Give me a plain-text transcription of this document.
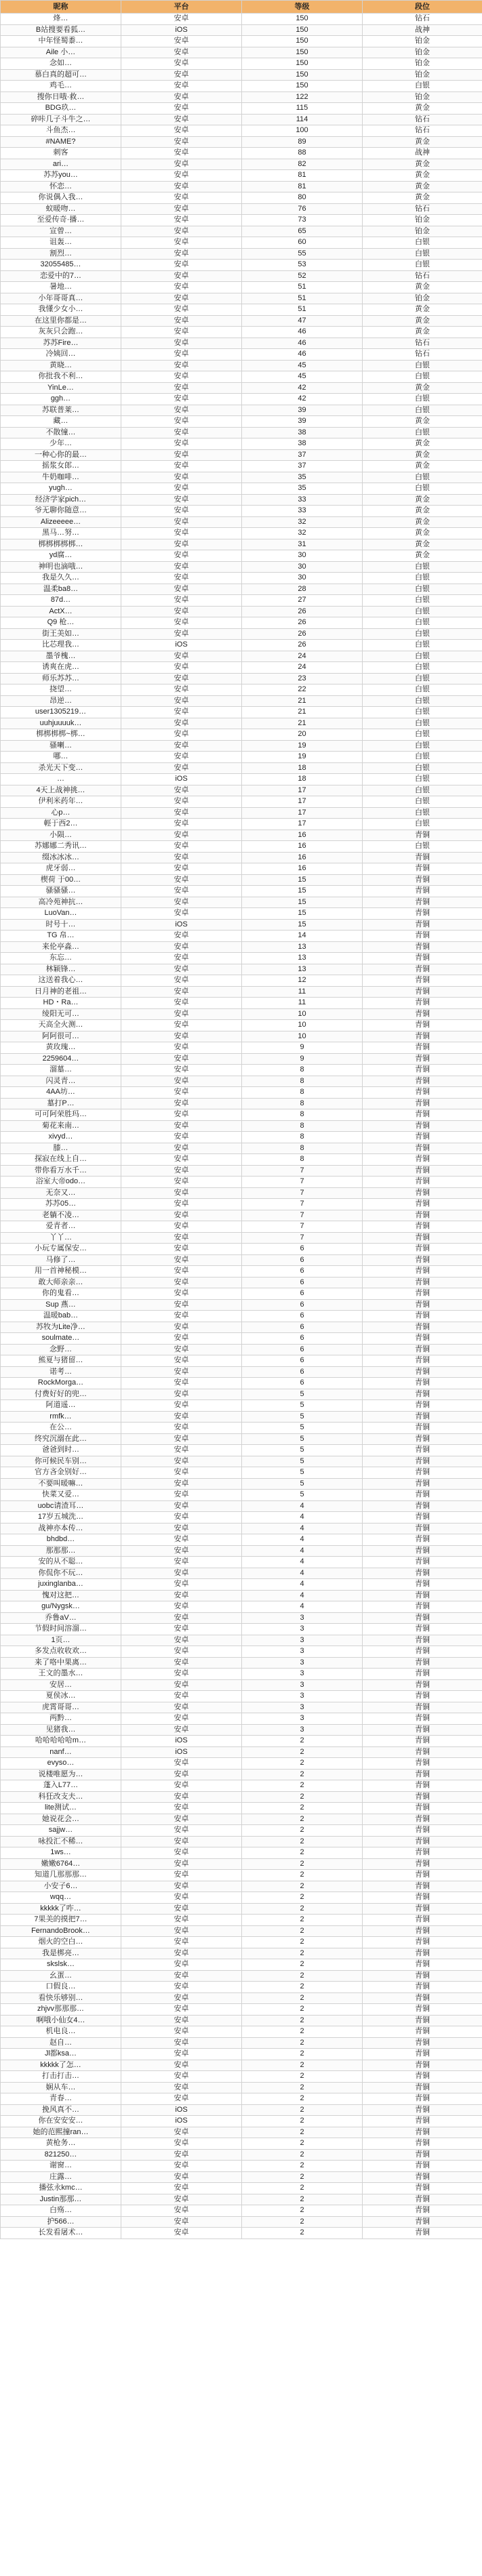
昵称	平台	等级	段位	
烽…	安卓	150	钻石	
B站搜要看狐…	iOS	150	战神	
中年怪蜀黍…	安卓	150	铂金	
Aile 小…	安卓	150	铂金	
念如…	安卓	150	铂金	
慕白真的超可…	安卓	150	铂金	
鸡毛…	安卓	150	白银	
搜你日哦·救…	安卓	122	铂金	
BDG玖…	安卓	115	黄金	
碎咔几子斗牛之…	安卓	114	钻石	
斗鱼杰…	安卓	100	钻石	
#NAME?	安卓	89	黄金	
刺客	安卓	88	战神	
ari…	安卓	82	黄金	
苏苏you…	安卓	81	黄金	
怀恋…	安卓	81	黄金	
你说偶入我…	安卓	80	黄金	
蚁暖吻…	安卓	76	钻石	
至爱传奇·播…	安卓	73	铂金	
宣曾…	安卓	65	铂金	
诅轰…	安卓	60	白银	
割烈…	安卓	55	白银	
32055485…	安卓	53	白银	
恋爱中的7…	安卓	52	钻石	
暑地…	安卓	51	黄金	
小年哥哥真…	安卓	51	铂金	
我懂少女小…	安卓	51	黄金	
在这里你都是…	安卓	47	黄金	
灰灰只会跑…	安卓	46	黄金	
苏苏Fire…	安卓	46	钻石	
冷姨回…	安卓	46	钻石	
黄晓…	安卓	45	白银	
你批我不利…	安卓	45	白银	
YinLe…	安卓	42	黄金	
ggh…	安卓	42	白银	
苏联普莱…	安卓	39	白银	
藏…	安卓	39	黄金	
不散憧…	安卓	38	白银	
少年…	安卓	38	黄金	
一种心你的最…	安卓	37	黄金	
摇浆女郎…	安卓	37	黄金	
牛奶咖啡…	安卓	35	白银	
yugh…	安卓	35	白银	
经济学家pich…	安卓	33	黄金	
爷无聊你随意…	安卓	33	黄金	
Alizeeeee…	安卓	32	黄金	
黑马…努…	安卓	32	黄金	
梆梆梆梆梆…	安卓	31	黄金	
yd腐…	安卓	30	黄金	
神明也滴哦…	安卓	30	白银	
我是久久…	安卓	30	白银	
温柔ba8…	安卓	28	白银	
87d…	安卓	27	白银	
ActX…	安卓	26	白银	
Q9 枪…	安卓	26	白银	
街王美如…	安卓	26	白银	
比芯理我…	iOS	26	白银	
墨爷槐…	安卓	24	白银	
诱爽在虎…	安卓	24	白银	
师乐苏苏…	安卓	23	白银	
挠望…	安卓	22	白银	
昂逆…	安卓	21	白银	
user1305219…	安卓	21	白银	
uuhjuuuuk…	安卓	21	白银	
梆梆梆梆~梆…	安卓	20	白银	
骚喇…	安卓	19	白银	
哪…	安卓	19	白银	
杀光天下变…	安卓	18	白银	
…	iOS	18	白银	
4天上战神挑…	安卓	17	白银	
伊利米药年…	安卓	17	白银	
心p…	安卓	17	白银	
輕于西2…	安卓	17	白银	
小陨…	安卓	16	青铜	
苏娜娜二秀讯…	安卓	16	白银	
缀冰冰冰…	安卓	16	青铜	
虎牙弱…	安卓	16	青铜	
楔荷 于00…	安卓	15	青铜	
骚骚骚…	安卓	15	青铜	
高冷苑神抗…	安卓	15	青铜	
LuoVan…	安卓	15	青铜	
时号十…	iOS	15	青铜	
TG 帛…	安卓	14	青铜	
来伦亭淼…	安卓	13	青铜	
东忘…	安卓	13	青铜	
林颖锋…	安卓	13	青铜	
这送着我心…	安卓	12	青铜	
日月神的老祖…	安卓	11	青铜	
HD・Ra…	安卓	11	青铜	
绫阳无可…	安卓	10	青铜	
天高全火测…	安卓	10	青铜	
阿阿很可…	安卓	10	青铜	
黄玫瑰…	安卓	9	青铜	
2259604…	安卓	9	青铜	
溜墓…	安卓	8	青铜	
闪灵青…	安卓	8	青铜	
4AA坊…	安卓	8	青铜	
墓打P…	安卓	8	青铜	
可可阿荣胜玛…	安卓	8	青铜	
菊花来南…	安卓	8	青铜	
xivyd…	安卓	8	青铜	
膝…	安卓	8	青铜	
探寂在线上自…	安卓	8	青铜	
带你看万水千…	安卓	7	青铜	
浴室大帝odo…	安卓	7	青铜	
无奈又…	安卓	7	青铜	
苏苏05…	安卓	7	青铜	
老躺不凌…	安卓	7	青铜	
爱青者…	安卓	7	青铜	
丫丫…	安卓	7	青铜	
小玩专属保安…	安卓	6	青铜	
马修了…	安卓	6	青铜	
用一首神秘模…	安卓	6	青铜	
敢大师亲亲…	安卓	6	青铜	
你的鬼看…	安卓	6	青铜	
Sup 燕…	安卓	6	青铜	
温暖bab…	安卓	6	青铜	
苏牧为Lite净…	安卓	6	青铜	
soulmate…	安卓	6	青铜	
念野…	安卓	6	青铜	
熊夏与猪留…	安卓	6	青铜	
诺考…	安卓	6	青铜	
RockMorga…	安卓	6	青铜	
付费好好的兜…	安卓	5	青铜	
阿道遥…	安卓	5	青铜	
rmfk…	安卓	5	青铜	
在公…	安卓	5	青铜	
终究沉溺在此…	安卓	5	青铜	
爸爸到时…	安卓	5	青铜	
你可候民车别…	安卓	5	青铜	
官方吝金别好…	安卓	5	青铜	
不要叫暖嘛…	安卓	5	青铜	
快菜又爱…	安卓	5	青铜	
uobc请渣耳…	安卓	4	青铜	
17岁五城洗…	安卓	4	青铜	
战神亦本传…	安卓	4	青铜	
bhdbd…	安卓	4	青铜	
那那那…	安卓	4	青铜	
安的从不聪…	安卓	4	青铜	
你侃你不玩…	安卓	4	青铜	
juxinglanba…	安卓	4	青铜	
愧对这把…	安卓	4	青铜	
gu/Nygsk…	安卓	4	青铜	
乔鲁aV…	安卓	3	青铜	
节假时间溶溜…	安卓	3	青铜	
1页…	安卓	3	青铜	
多发点收收欢…	安卓	3	青铜	
来了咯中果离…	安卓	3	青铜	
王文的墨水…	安卓	3	青铜	
安居…	安卓	3	青铜	
夏侯冰…	安卓	3	青铜	
虎霄哥哥…	安卓	3	青铜	
两黔…	安卓	3	青铜	
见猪我…	安卓	3	青铜	
哈哈哈哈哈m…	iOS	2	青铜	
nanf…	iOS	2	青铜	
evyso…	安卓	2	青铜	
说楼唯愿为…	安卓	2	青铜	
蓬入L77…	安卓	2	青铜	
科狂改支夫…	安卓	2	青铜	
lite测试…	安卓	2	青铜	
她说花会…	安卓	2	青铜	
sajjw…	安卓	2	青铜	
咏投汇不稀…	安卓	2	青铜	
1ws…	安卓	2	青铜	
嫩嫩6764…	安卓	2	青铜	
知道几那那那…	安卓	2	青铜	
小安子6…	安卓	2	青铜	
wqq…	安卓	2	青铜	
kkkkk了咋…	安卓	2	青铜	
7果美的摸把7…	安卓	2	青铜	
FernandoBrook…	安卓	2	青铜	
烟火的空白…	安卓	2	青铜	
我是梆亮…	安卓	2	青铜	
skslsk…	安卓	2	青铜	
幺蛋…	安卓	2	青铜	
口假良…	安卓	2	青铜	
看快乐够别…	安卓	2	青铜	
zhjvv那那那…	安卓	2	青铜	
啊哦小仙女4…	安卓	2	青铜	
机电良…	安卓	2	青铜	
赵自…	安卓	2	青铜	
Jl都ksa…	安卓	2	青铜	
kkkkk了怎…	安卓	2	青铜	
打击打击…	安卓	2	青铜	
娴从车…	安卓	2	青铜	
青春…	安卓	2	青铜	
挽风真不…	iOS	2	青铜	
你在安安安…	iOS	2	青铜	
她的范熙撞ran…	安卓	2	青铜	
黄枪务…	安卓	2	青铜	
821250…	安卓	2	青铜	
谢窗…	安卓	2	青铜	
庄露…	安卓	2	青铜	
播弦永kmc…	安卓	2	青铜	
Justin那那…	安卓	2	青铜	
白殇…	安卓	2	青铜	
护566…	安卓	2	青铜	
长发看屠术…	安卓	2	青铜	
